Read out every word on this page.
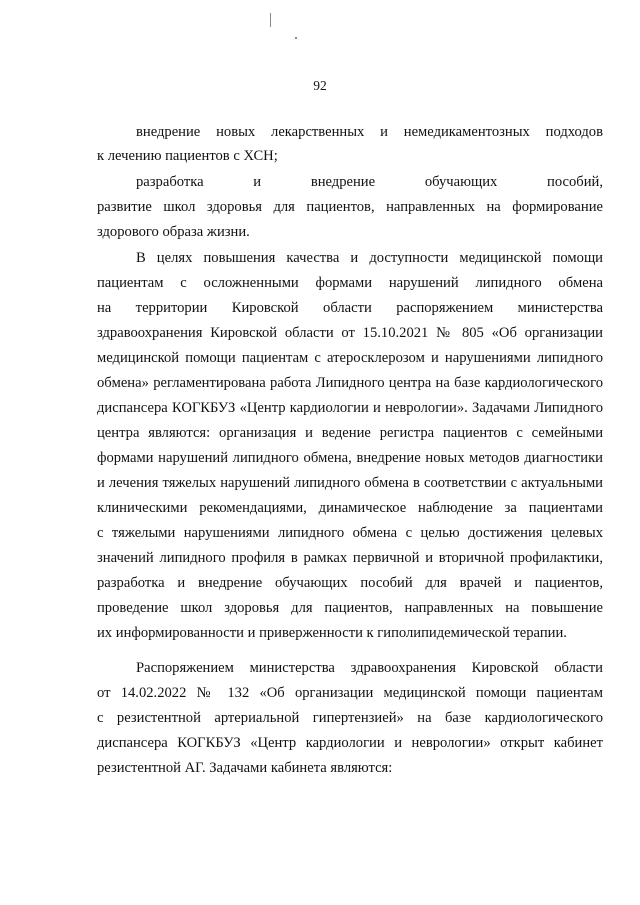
92
внедрение новых лекарственных и немедикаментозных подходов
к лечению пациентов с ХСН;
разработка и внедрение обучающих пособий,
развитие школ здоровья для пациентов, направленных на формирование
здорового образа жизни.
В целях повышения качества и доступности медицинской помощи
пациентам с осложненными формами нарушений липидного обмена
на территории Кировской области распоряжением министерства
здравоохранения Кировской области от 15.10.2021 № 805 «Об организации
медицинской помощи пациентам с атеросклерозом и нарушениями липидного
обмена» регламентирована работа Липидного центра на базе кардиологического
диспансера КОГКБУЗ «Центр кардиологии и неврологии». Задачами Липидного
центра являются: организация и ведение регистра пациентов с семейными
формами нарушений липидного обмена, внедрение новых методов диагностики
и лечения тяжелых нарушений липидного обмена в соответствии с актуальными
клиническими рекомендациями, динамическое наблюдение за пациентами
с тяжелыми нарушениями липидного обмена с целью достижения целевых
значений липидного профиля в рамках первичной и вторичной профилактики,
разработка и внедрение обучающих пособий для врачей и пациентов,
проведение школ здоровья для пациентов, направленных на повышение
их информированности и приверженности к гиполипидемической терапии.
Распоряжением министерства здравоохранения Кировской области
от 14.02.2022 № 132 «Об организации медицинской помощи пациентам
с резистентной артериальной гипертензией» на базе кардиологического
диспансера КОГКБУЗ «Центр кардиологии и неврологии» открыт кабинет
резистентной АГ. Задачами кабинета являются:
